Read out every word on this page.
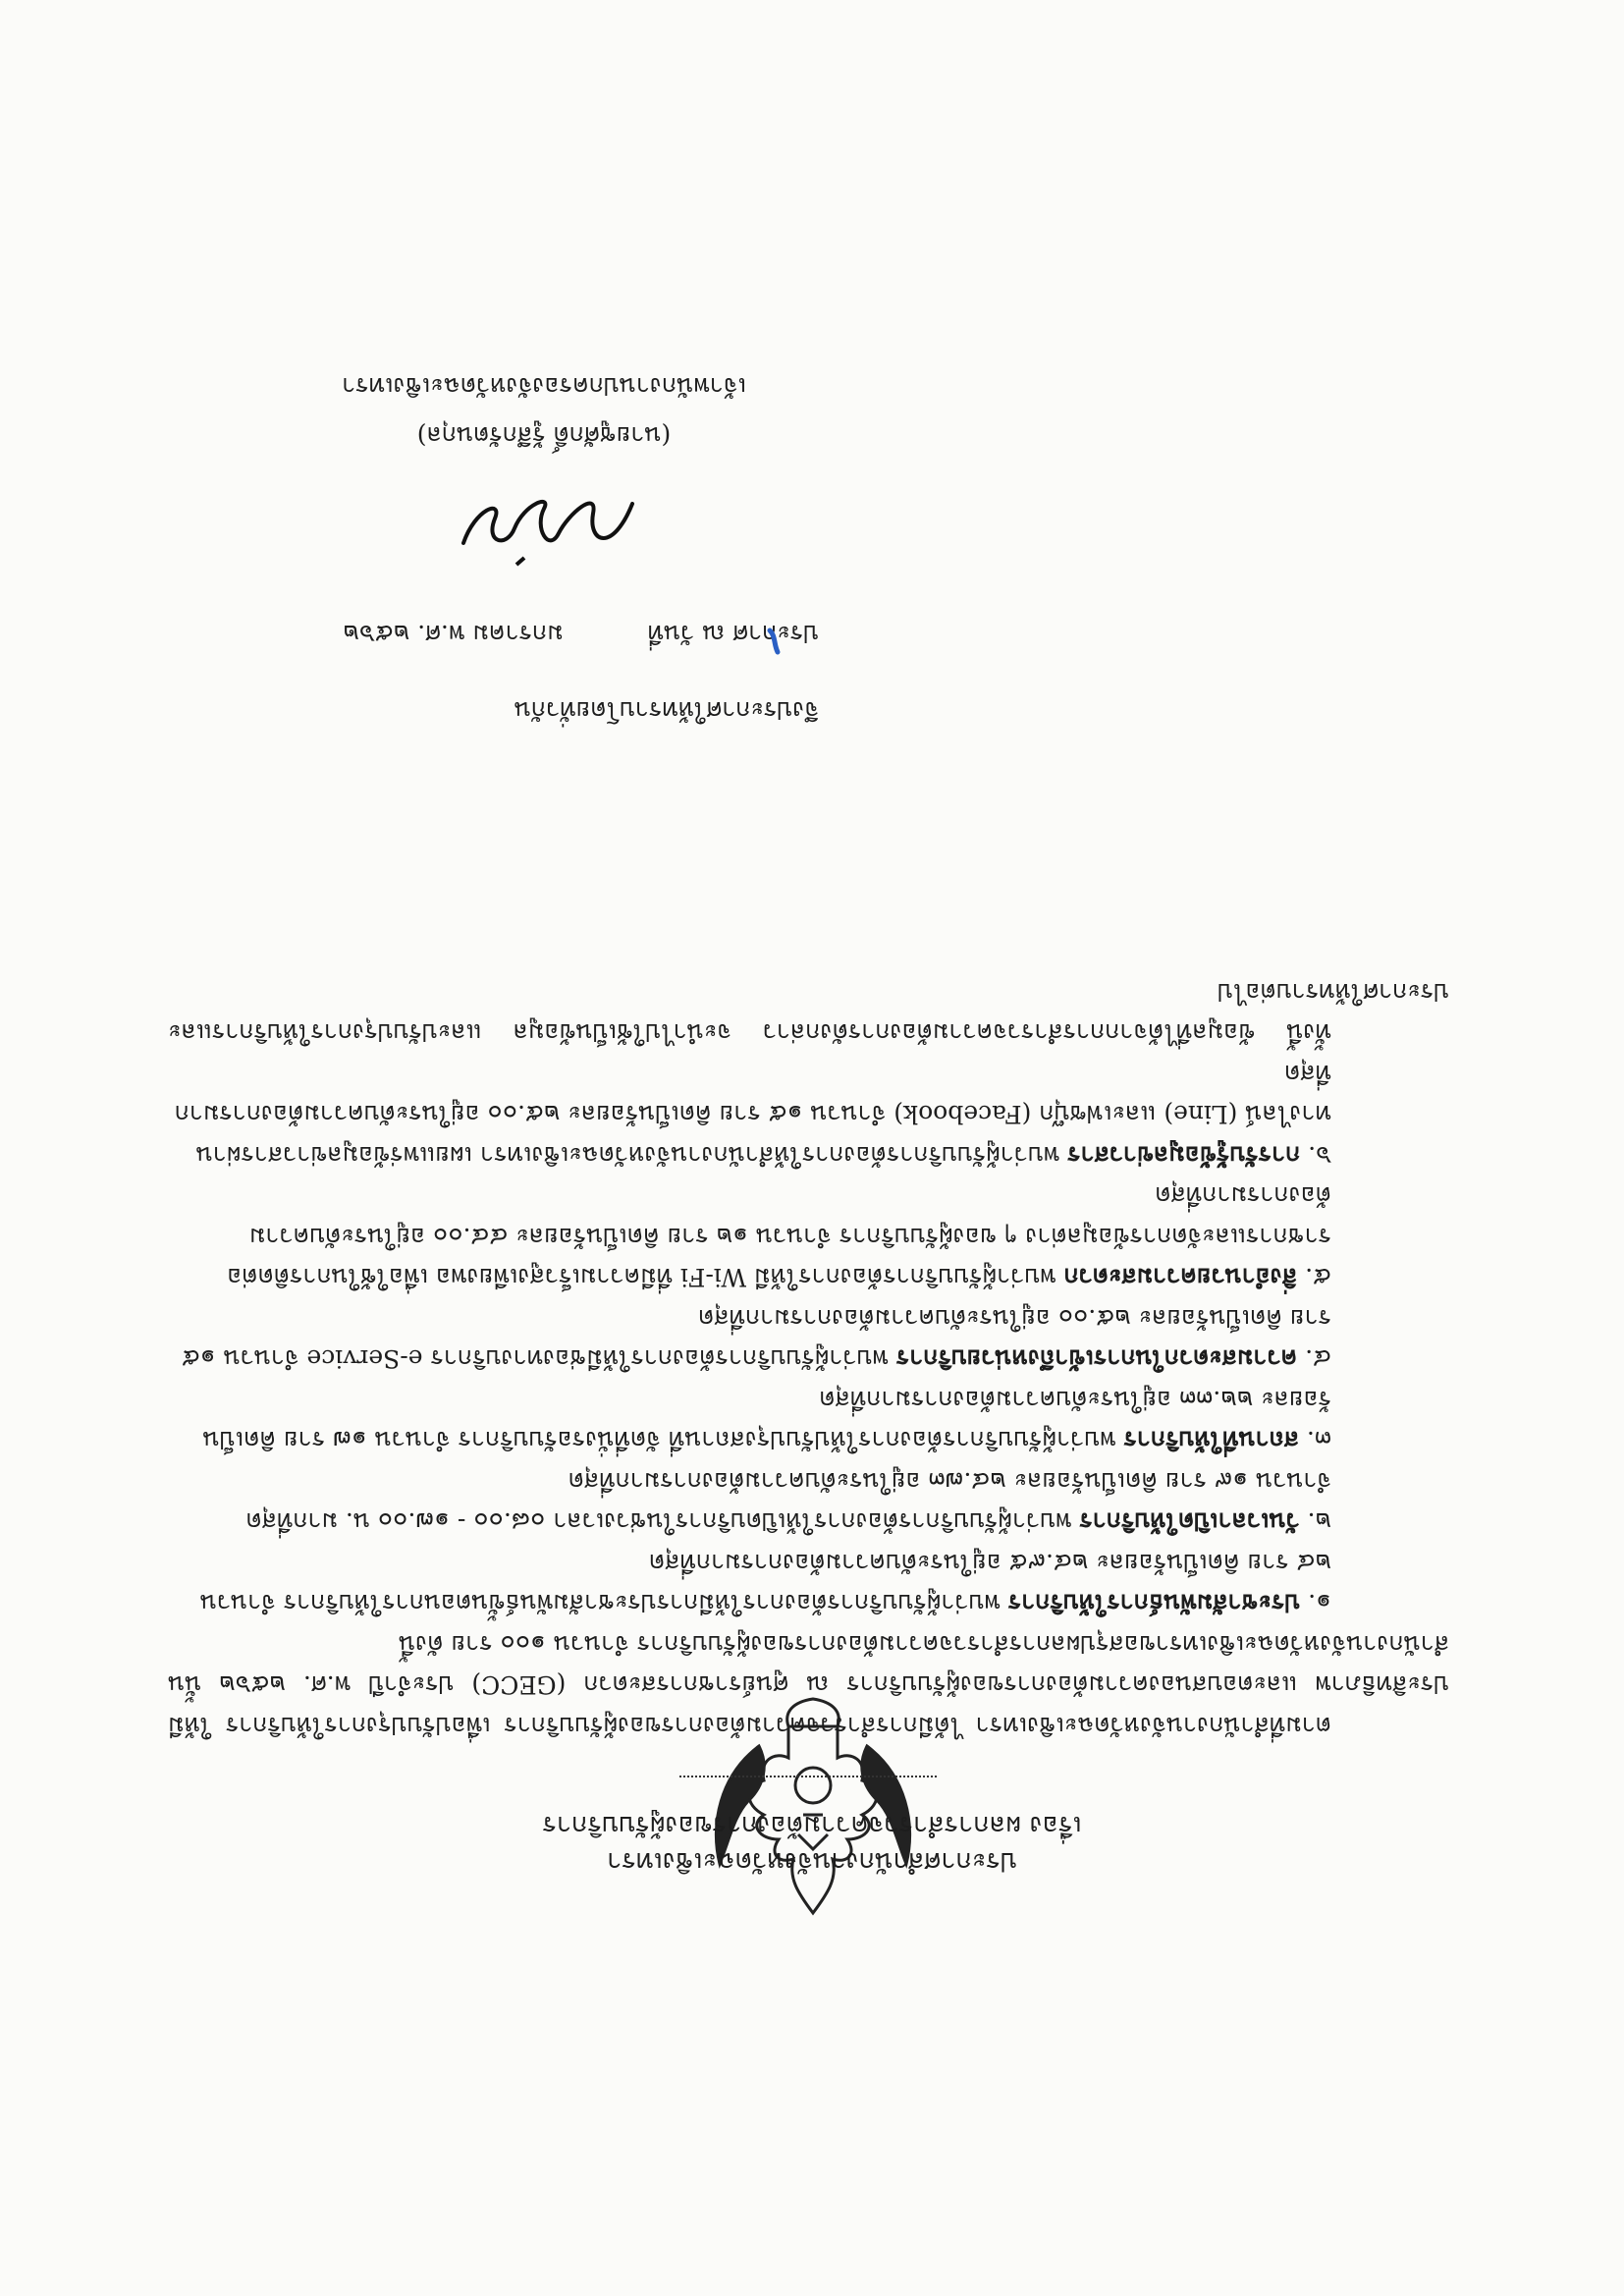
ประกาศสำนักงานจังหวัดฉะเชิงเทรา
เรื่อง ผลการสำรวจความต้องการของผู้รับบริการ

ตามที่สำนักงานจังหวัดฉะเชิงเทรา ได้มีการสำรวจความต้องการของผู้รับบริการ เพื่อปรับปรุงการให้บริการ ให้มีประสิทธิภาพ และตอบสนองความต้องการของผู้รับบริการ ณ ศูนย์ราชการสะดวก (GECC) ประจำปี พ.ศ. ๒๕๖๒ นั้น สำนักงานจังหวัดฉะเชิงเทราขอสรุปผลการสำรวจความต้องการของผู้รับบริการ จำนวน ๑๐๐ ราย ดังนี้

๑. ประชาสัมพันธ์การให้บริการ พบว่าผู้รับบริการต้องการให้มีการประชาสัมพันธ์ขั้นตอนการให้บริการ จำนวน ๒๔ ราย คิดเป็นร้อยละ ๒๔.๙๕ อยู่ในระดับความต้องการมากที่สุด
๒. วันเวลาเปิดให้บริการ พบว่าผู้รับบริการต้องการให้เปิดบริการในช่วงเวลา ๐๘.๐๐ - ๑๗.๐๐ น. มากที่สุด จำนวน ๑๙ ราย คิดเป็นร้อยละ ๒๔.๗๓ อยู่ในระดับความต้องการมากที่สุด
๓. สถานที่ให้บริการ พบว่าผู้รับบริการต้องการให้ปรับปรุงสถานที่ จัดที่นั่งรอรับบริการ จำนวน ๑๗ ราย คิดเป็นร้อยละ ๒๒.๓๓ อยู่ในระดับความต้องการมากที่สุด
๔. ความสะดวกในการเข้าถึงหน่วยบริการ พบว่าผู้รับบริการต้องการให้มีช่องทางบริการ e-Service จำนวน ๑๕ ราย คิดเป็นร้อยละ ๒๕.๐๐ อยู่ในระดับความต้องการมากที่สุด
๕. สิ่งอำนวยความสะดวก พบว่าผู้รับบริการต้องการให้มี Wi-Fi ที่มีความเร็วสูงเพียงพอ เพื่อใช้ในการติดต่อราชการและจัดการข้อมูลต่าง ๆ ของผู้รับบริการ จำนวน ๑๒ ราย คิดเป็นร้อยละ ๔๔.๐๐ อยู่ในระดับความต้องการมากที่สุด
๖. การรับรู้ข้อมูลข่าวสาร พบว่าผู้รับบริการต้องการให้สำนักงานจังหวัดฉะเชิงเทรา เผยแพร่ข้อมูลข่าวสารผ่านทางไลน์ (Line) และเฟซบุ๊ก (Facebook) จำนวน ๑๕ ราย คิดเป็นร้อยละ ๒๕.๐๐ อยู่ในระดับความต้องการมากที่สุด

ทั้งนี้ ข้อมูลที่ได้จากการสำรวจความต้องการดังกล่าว จะนำไปใช้เป็นข้อมูล และปรับปรุงการให้บริการและประกาศให้ทราบต่อไป

จึงประกาศให้ทราบโดยทั่วกัน
ประกาศ ณ วันที่  มกราคม พ.ศ. ๒๕๖๒
(นายชูศักดิ์ รู้สึกรัตนกุล)
เจ้าพนักงานปกครองจังหวัดฉะเชิงเทรา
